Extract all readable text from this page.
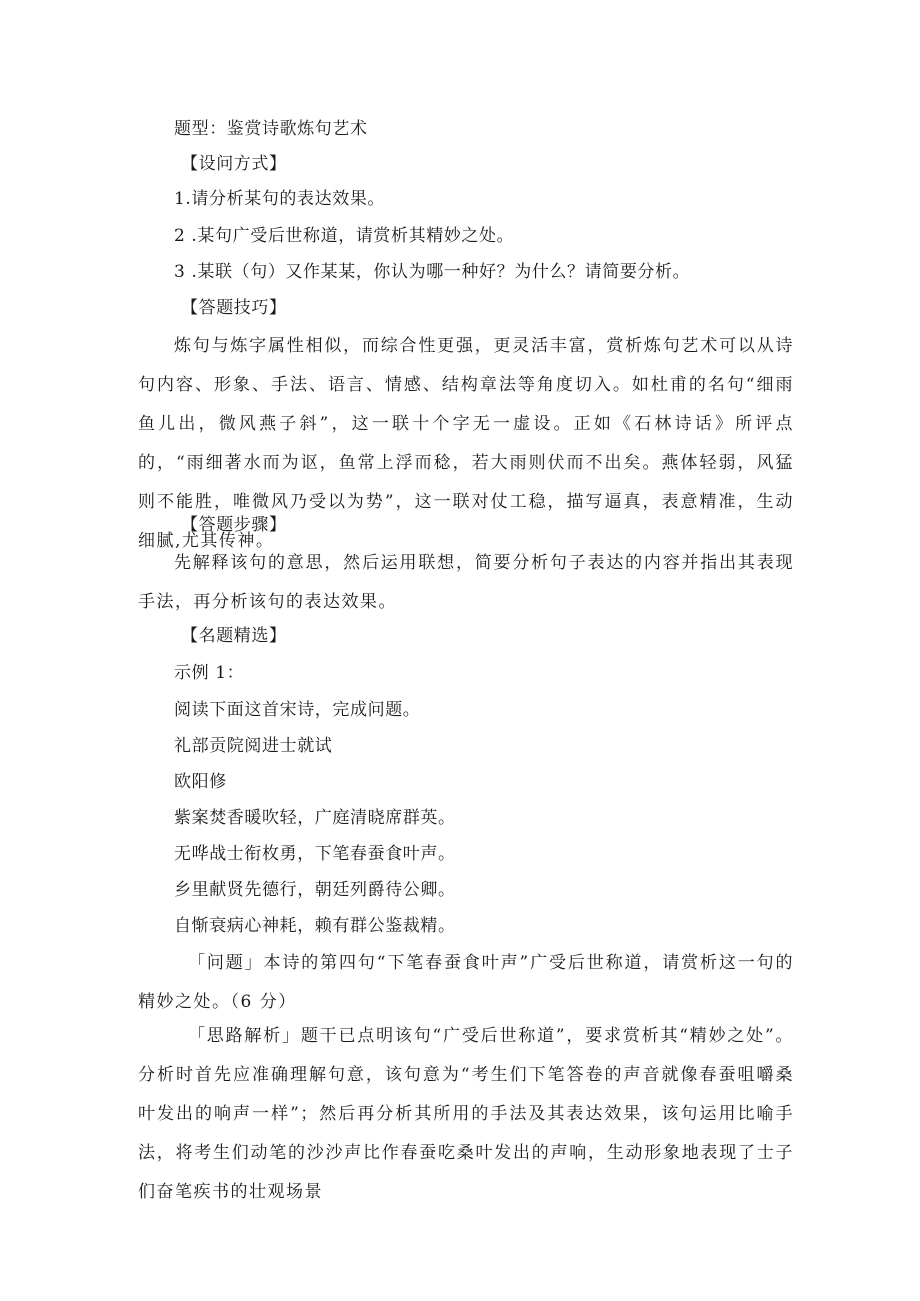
题型：鉴赏诗歌炼句艺术
【设问方式】
1.请分析某句的表达效果。
2 .某句广受后世称道，请赏析其精妙之处。
3 .某联（句）又作某某，你认为哪一种好？为什么？请简要分析。
【答题技巧】

炼句与炼字属性相似，而综合性更强，更灵活丰富，赏析炼句艺术可以从诗句内容、形象、手法、语言、情感、结构章法等角度切入。如杜甫的名句“细雨鱼儿出，微风燕子斜”，这一联十个字无一虚设。正如《石林诗话》所评点的，“雨细著水而为讴，鱼常上浮而稔，若大雨则伏而不出矣。燕体轻弱，风猛则不能胜，唯微风乃受以为势”，这一联对仗工稳，描写逼真，表意精准，生动细腻,尤其传神。

【答题步骤】

先解释该句的意思，然后运用联想，简要分析句子表达的内容并指出其表现手法，再分析该句的表达效果。

【名题精选】
示例 1：
阅读下面这首宋诗，完成问题。
礼部贡院阅进士就试
欧阳修
紫案焚香暖吹轻，广庭清晓席群英。
无哗战士衔枚勇，下笔春蚕食叶声。
乡里献贤先德行，朝廷列爵待公卿。
自惭衰病心神耗，赖有群公鉴裁精。

「问题」本诗的第四句“下笔春蚕食叶声”广受后世称道，请赏析这一句的精妙之处。（6 分）

「思路解析」题干已点明该句“广受后世称道”，要求赏析其“精妙之处”。分析时首先应准确理解句意，该句意为“考生们下笔答卷的声音就像春蚕咀嚼桑叶发出的响声一样”；然后再分析其所用的手法及其表达效果，该句运用比喻手法，将考生们动笔的沙沙声比作春蚕吃桑叶发出的声响，生动形象地表现了士子们奋笔疾书的壮观场景
